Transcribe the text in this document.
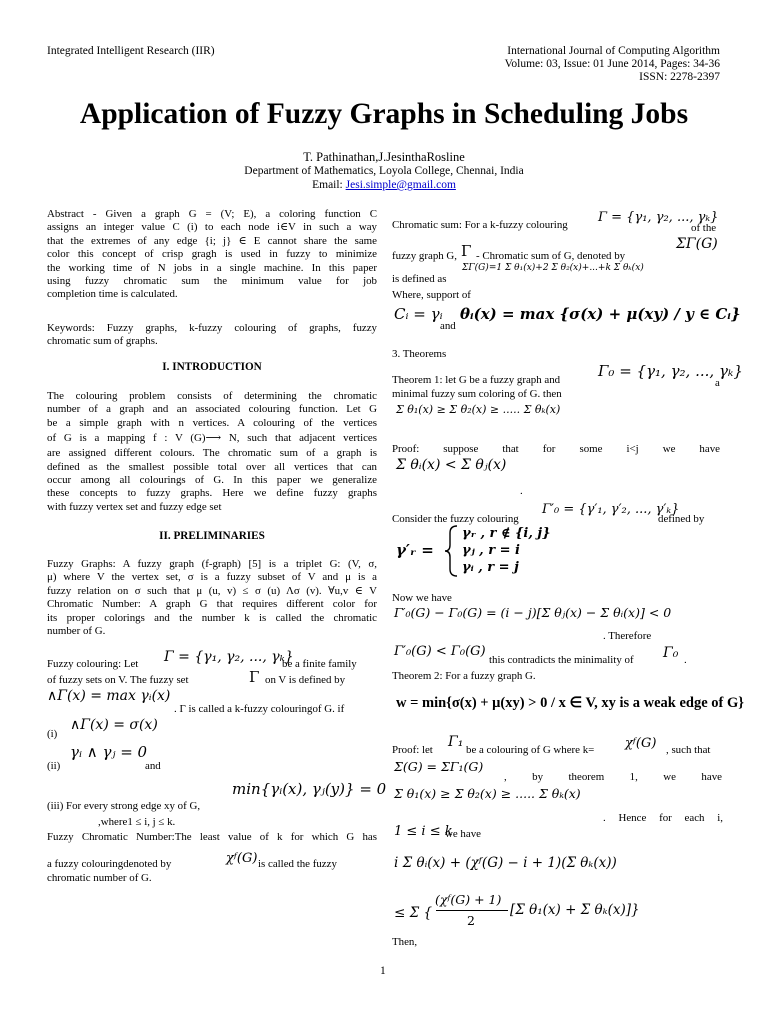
Integrated Intelligent Research (IIR)	International Journal of Computing Algorithm
Volume: 03, Issue: 01 June 2014, Pages: 34-36
ISSN: 2278-2397
Application of Fuzzy Graphs in Scheduling Jobs
T. Pathinathan,J.JesinthaRosline
Department of Mathematics, Loyola College, Chennai, India
Email: Jesi.simple@gmail.com
Abstract - Given a graph G = (V; E), a coloring function C
assigns an integer value C (i) to each node i∈V in such a way
that the extremes of any edge {i; j} ∈ E cannot share the same
color this concept of crisp gragh is used in fuzzy to minimize
the working time of N jobs in a single machine. In this paper
using fuzzy chromatic sum the minimum value for job
completion time is calculated.
Keywords: Fuzzy graphs, k-fuzzy colouring of graphs, fuzzy
chromatic sum of graphs.
I. INTRODUCTION
The colouring problem consists of determining the chromatic
number of a graph and an associated colouring function. Let G
be a simple graph with n vertices. A colouring of the vertices
of G is a mapping f : V (G)⟶ N, such that adjacent vertices
are assigned different colours. The chromatic sum of a graph is
defined as the smallest possible total over all vertices that can
occur among all colourings of G. In this paper we generalize
these concepts to fuzzy graphs. Here we define fuzzy graphs
with fuzzy vertex set and fuzzy edge set
II. PRELIMINARIES
Fuzzy Graphs: A fuzzy graph (f-graph) [5] is a triplet G: (V, σ,
μ) where V the vertex set, σ is a fuzzy subset of V and μ is a
fuzzy relation on σ such that μ (u, v) ≤ σ (u) Λσ (v). ∀u,v ∈ V
Chromatic Number: A graph G that requires different color for
its proper colorings and the number k is called the chromatic
number of G.
Fuzzy colouring: Let Γ = {γ₁, γ₂, ..., γₖ}
be a finite family
of fuzzy sets on V. The fuzzy set	Γ on V is defined by
∧Γ(x) = max γᵢ(x)
. Γ is called a k-fuzzy colouringof G. if
(i)
∧Γ(x) = σ(x)
(ii)
γᵢ ∧ γⱼ = 0
and
min{γᵢ(x), γⱼ(y)} = 0
(iii) For every strong edge xy of G,
,where1 ≤ i, j ≤ k.
Fuzzy Chromatic Number:The least value of k for which G has
a fuzzy colouringdenoted by	χᶠ(G) is called the fuzzy
chromatic number of G.
Chromatic sum: For a k-fuzzy colouring Γ = {γ₁, γ₂, ..., γₖ}
of the
fuzzy graph G, Γ - Chromatic sum of G, denoted by
ΣΓ(G)
ΣΓ(G)=1 Σ θ₁(x)+2 Σ θ₂(x)+...+k Σ θₖ(x)
is defined as
Where, support of
Cᵢ = γᵢ
and
θᵢ(x) = max {σ(x) + μ(xy) / y ∈ Cᵢ}
3. Theorems
Theorem 1: let G be a fuzzy graph and	Γ₀ = {γ₁, γ₂, ..., γₖ}
a
minimal fuzzy sum coloring of G. then
Σ θ₁(x) ≥ Σ θ₂(x) ≥ ..... Σ θₖ(x)
Proof: suppose that for some i<j we have
Σ θᵢ(x) < Σ θⱼ(x)
.
Consider the fuzzy colouring
Γ′₀ = {γ′₁, γ′₂, ..., γ′ₖ}
defined by
γ′ᵣ =
γᵣ , r ∉ {i, j}
γⱼ , r = i
γᵢ , r = j
Now we have
Γ′₀(G) − Γ₀(G) = (i − j)[Σ θⱼ(x) − Σ θᵢ(x)] < 0
. Therefore
Γ′₀(G) < Γ₀(G)
this contradicts the minimality of Γ₀ .
Theorem 2: For a fuzzy graph G.
w = min{σ(x) + μ(xy) > 0 / x ∈ V, xy is a weak edge of G}
Proof: let Γ₁ be a colouring of G where k= χᶠ(G) , such that
Σ(G) = ΣΓ₁(G)
, by theorem 1, we have
Σ θ₁(x) ≥ Σ θ₂(x) ≥ ..... Σ θₖ(x)
. Hence for each i,
1 ≤ i ≤ k
we have
i Σ θᵢ(x) + (χᶠ(G) − i + 1)(Σ θₖ(x))
≤ Σ {
(χᶠ(G) + 1)
2
[Σ θ₁(x) + Σ θₖ(x)]}
Then,
1
